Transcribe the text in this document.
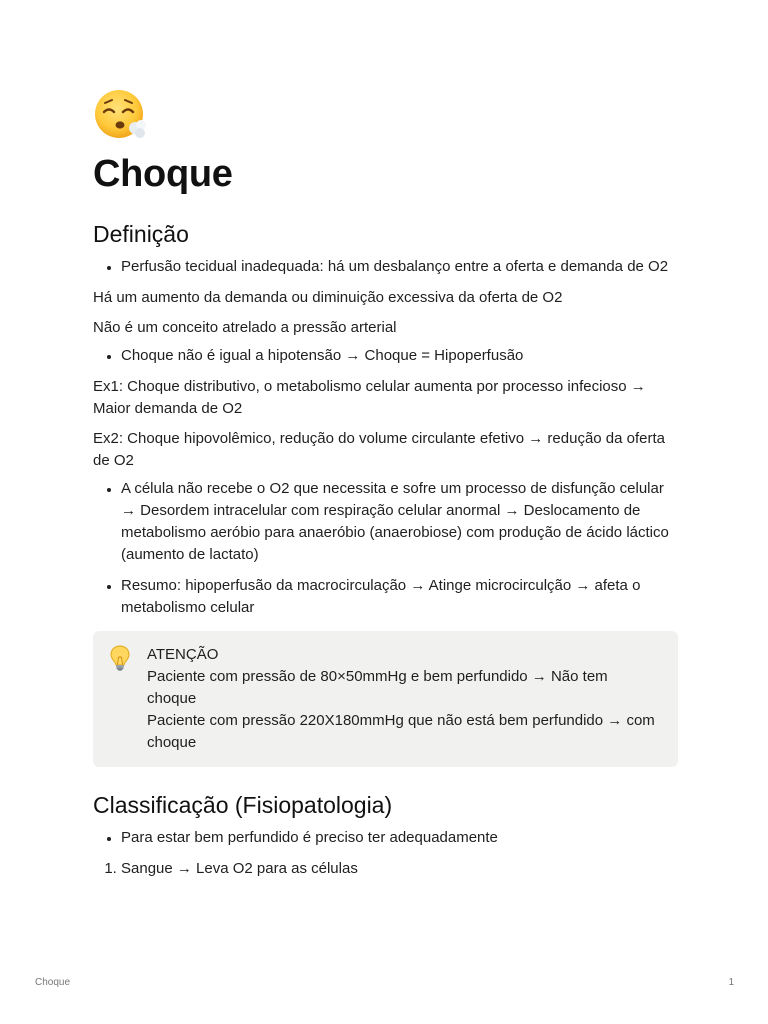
Choque
Definição
• Perfusão tecidual inadequada: há um desbalanço entre a oferta e demanda de O2

Há um aumento da demanda ou diminuição excessiva da oferta de O2

Não é um conceito atrelado a pressão arterial

• Choque não é igual a hipotensão → Choque = Hipoperfusão

Ex1: Choque distributivo, o metabolismo celular aumenta por processo infecioso → Maior demanda de O2

Ex2: Choque hipovolêmico, redução do volume circulante efetivo → redução da oferta de O2

• A célula não recebe o O2 que necessita e sofre um processo de disfunção celular → Desordem intracelular com respiração celular anormal → Deslocamento de metabolismo aeróbio para anaeróbio (anaerobiose) com produção de ácido láctico (aumento de lactato)
• Resumo: hipoperfusão da macrocirculação → Atinge microcirculção → afeta o metabolismo celular
ATENÇÃO
Paciente com pressão de 80×50mmHg e bem perfundido → Não tem choque
Paciente com pressão 220X180mmHg que não está bem perfundido → com choque
Classificação (Fisiopatologia)
• Para estar bem perfundido é preciso ter adequadamente
1. Sangue → Leva O2 para as células
Choque	1
